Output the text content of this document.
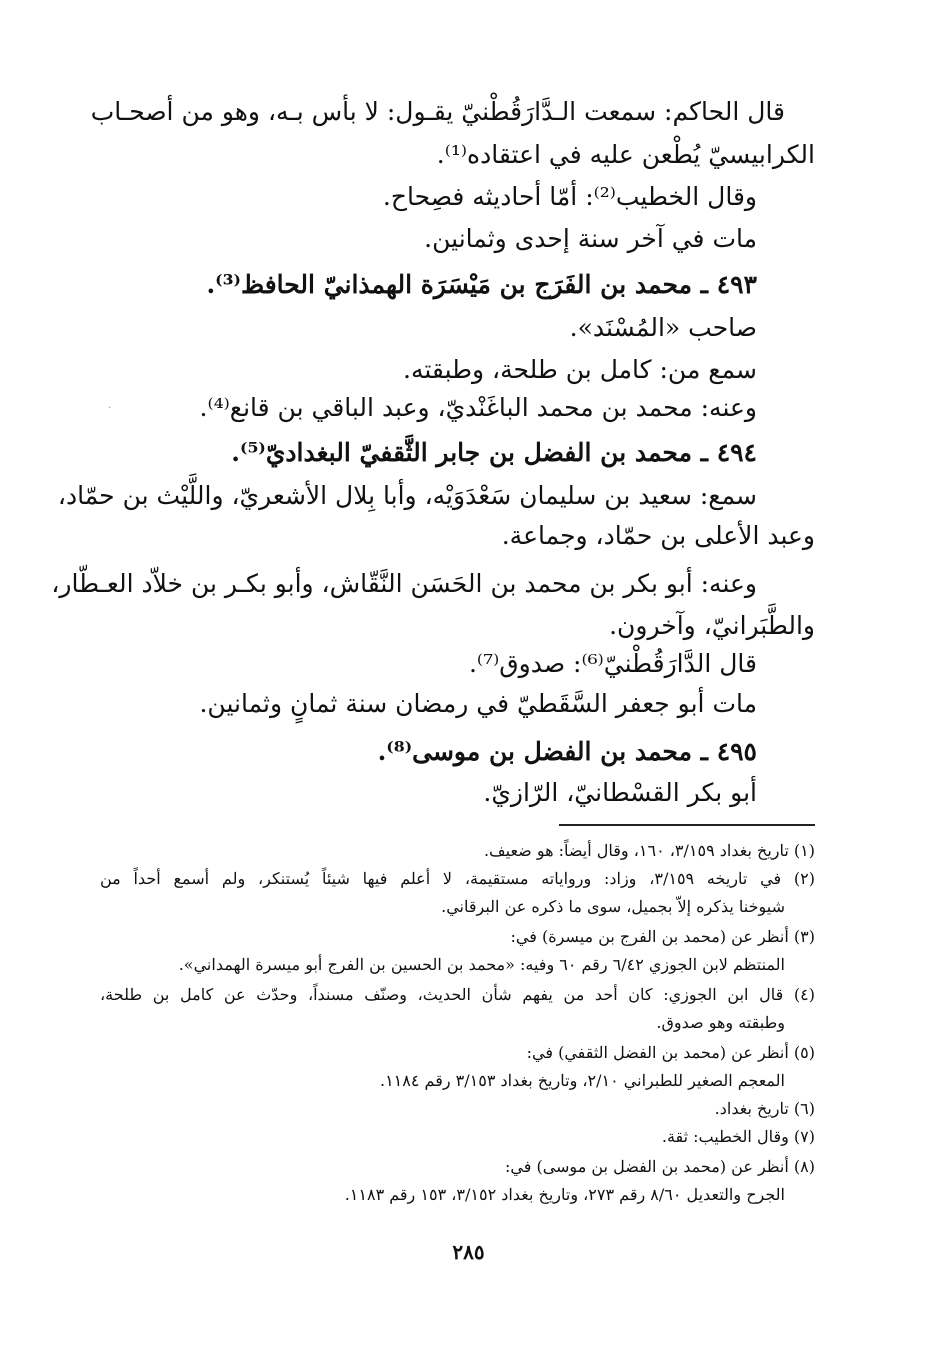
قال الحاكم: سمعت الـدَّارَقُطْنيّ يقـول: لا بأس بـه، وهو من أصحـاب
الكرابيسيّ يُطْعن عليه في اعتقاده⁽¹⁾.
وقال الخطيب⁽²⁾: أمّا أحاديثه فصِحاح.
مات في آخر سنة إحدى وثمانين.
٤٩٣ ـ محمد بن الفَرَج بن مَيْسَرَة الهمذانيّ الحافظ⁽³⁾.
صاحب «المُسْنَد».
سمع من: كامل بن طلحة، وطبقته.
وعنه: محمد بن محمد الباغَنْديّ، وعبد الباقي بن قانع⁽⁴⁾.
٤٩٤ ـ محمد بن الفضل بن جابر الثَّقفيّ البغداديّ⁽⁵⁾.
سمع: سعيد بن سليمان سَعْدَوَيْه، وأبا بِلال الأشعريّ، واللَّيْث بن حمّاد،
وعبد الأعلى بن حمّاد، وجماعة.
وعنه: أبو بكر بن محمد بن الحَسَن النَّقّاش، وأبو بكـر بن خلاّد العـطّار،
والطَّبَرانيّ، وآخرون.
قال الدَّارَقُطْنيّ⁽⁶⁾: صدوق⁽⁷⁾.
مات أبو جعفر السَّقَطيّ في رمضان سنة ثمانٍ وثمانين.
٤٩٥ ـ محمد بن الفضل بن موسى⁽⁸⁾.
أبو بكر القسْطانيّ، الرّازيّ.
·
(١) تاريخ بغداد ٣/١٥٩، ١٦٠، وقال أيضاً: هو ضعيف.
(٢) في تاريخه ٣/١٥٩، وزاد: ورواياته مستقيمة، لا أعلم فيها شيئاً يُستنكر، ولم أسمع أحداً من
شيوخنا يذكره إلاّ بجميل، سوى ما ذكره عن البرقاني.
(٣) أنظر عن (محمد بن الفرج بن ميسرة) في:
المنتظم لابن الجوزي ٦/٤٢ رقم ٦٠ وفيه: «محمد بن الحسين بن الفرج أبو ميسرة الهمداني».
(٤) قال ابن الجوزي: كان أحد من يفهم شأن الحديث، وصنّف مسنداً، وحدّث عن كامل بن طلحة،
وطبقته وهو صدوق.
(٥) أنظر عن (محمد بن الفضل الثقفي) في:
المعجم الصغير للطبراني ٢/١٠، وتاريخ بغداد ٣/١٥٣ رقم ١١٨٤.
(٦) تاريخ بغداد.
(٧) وقال الخطيب: ثقة.
(٨) أنظر عن (محمد بن الفضل بن موسى) في:
الجرح والتعديل ٨/٦٠ رقم ٢٧٣، وتاريخ بغداد ٣/١٥٢، ١٥٣ رقم ١١٨٣.
٢٨٥
